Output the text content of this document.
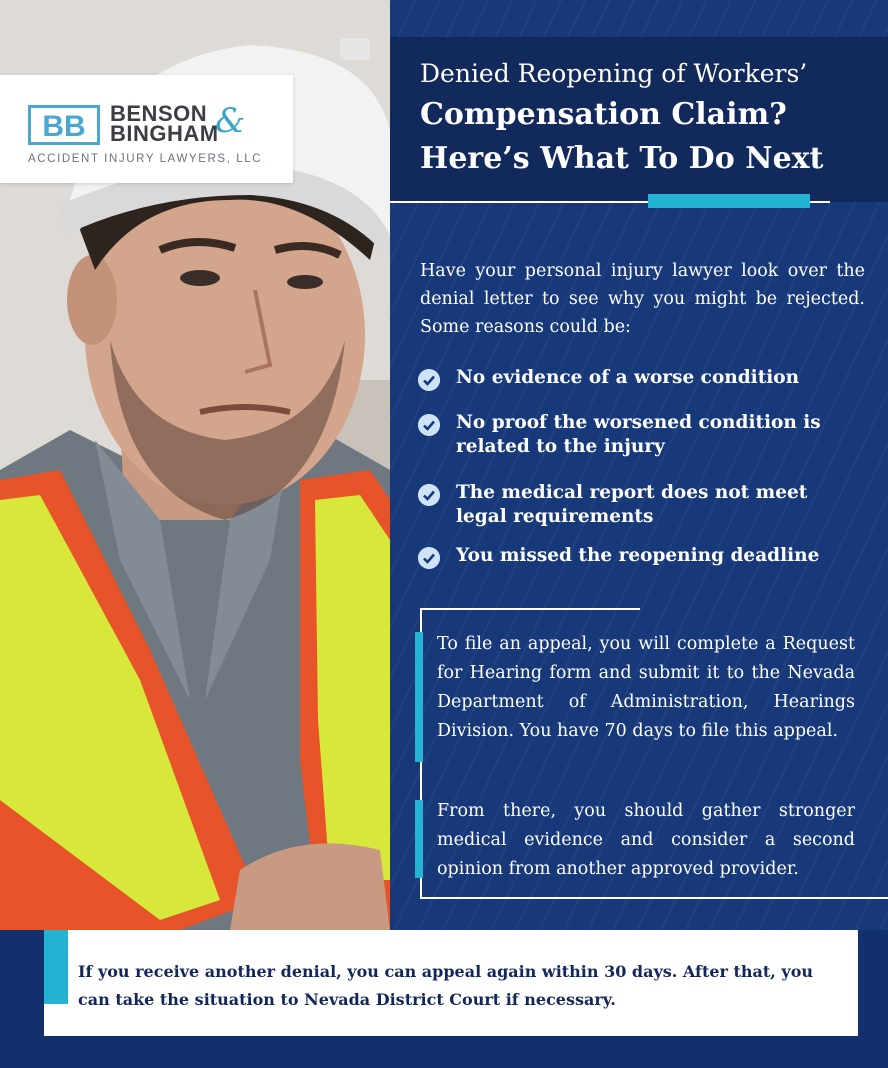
BB BENSON
BINGHAM
&
ACCIDENT INJURY LAWYERS, LLC
Denied Reopening of Workers’
Compensation Claim?
Here’s What To Do Next

Have your personal injury lawyer look over the denial letter to see why you might be rejected. Some reasons could be:

No evidence of a worse condition
No proof the worsened condition is related to the injury
The medical report does not meet legal requirements
You missed the reopening deadline

To file an appeal, you will complete a Request for Hearing form and submit it to the Nevada Department of Administration, Hearings Division. You have 70 days to file this appeal.

From there, you should gather stronger medical evidence and consider a second opinion from another approved provider.

If you receive another denial, you can appeal again within 30 days. After that, you can take the situation to Nevada District Court if necessary.
